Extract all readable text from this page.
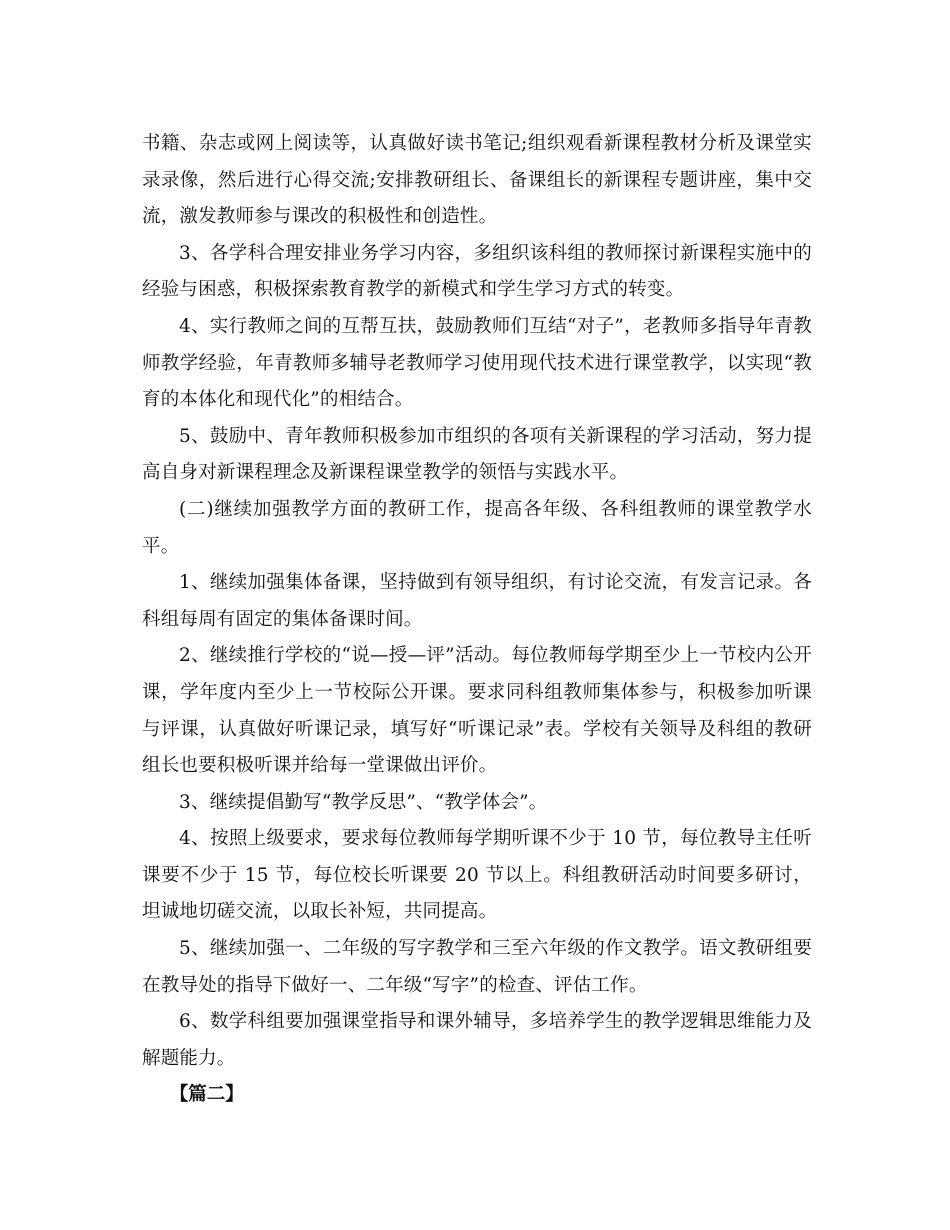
书籍、杂志或网上阅读等，认真做好读书笔记;组织观看新课程教材分析及课堂实录录像，然后进行心得交流;安排教研组长、备课组长的新课程专题讲座，集中交流，激发教师参与课改的积极性和创造性。

3、各学科合理安排业务学习内容，多组织该科组的教师探讨新课程实施中的经验与困惑，积极探索教育教学的新模式和学生学习方式的转变。

4、实行教师之间的互帮互扶，鼓励教师们互结“对子”，老教师多指导年青教师教学经验，年青教师多辅导老教师学习使用现代技术进行课堂教学，以实现“教育的本体化和现代化”的相结合。

5、鼓励中、青年教师积极参加市组织的各项有关新课程的学习活动，努力提高自身对新课程理念及新课程课堂教学的领悟与实践水平。

(二)继续加强教学方面的教研工作，提高各年级、各科组教师的课堂教学水平。

1、继续加强集体备课，坚持做到有领导组织，有讨论交流，有发言记录。各科组每周有固定的集体备课时间。

2、继续推行学校的“说—授—评”活动。每位教师每学期至少上一节校内公开课，学年度内至少上一节校际公开课。要求同科组教师集体参与，积极参加听课与评课，认真做好听课记录，填写好“听课记录”表。学校有关领导及科组的教研组长也要积极听课并给每一堂课做出评价。

3、继续提倡勤写“教学反思”、“教学体会”。

4、按照上级要求，要求每位教师每学期听课不少于 10 节，每位教导主任听课要不少于 15 节，每位校长听课要 20 节以上。科组教研活动时间要多研讨，坦诚地切磋交流，以取长补短，共同提高。

5、继续加强一、二年级的写字教学和三至六年级的作文教学。语文教研组要在教导处的指导下做好一、二年级“写字”的检查、评估工作。

6、数学科组要加强课堂指导和课外辅导，多培养学生的教学逻辑思维能力及解题能力。

【篇二】
